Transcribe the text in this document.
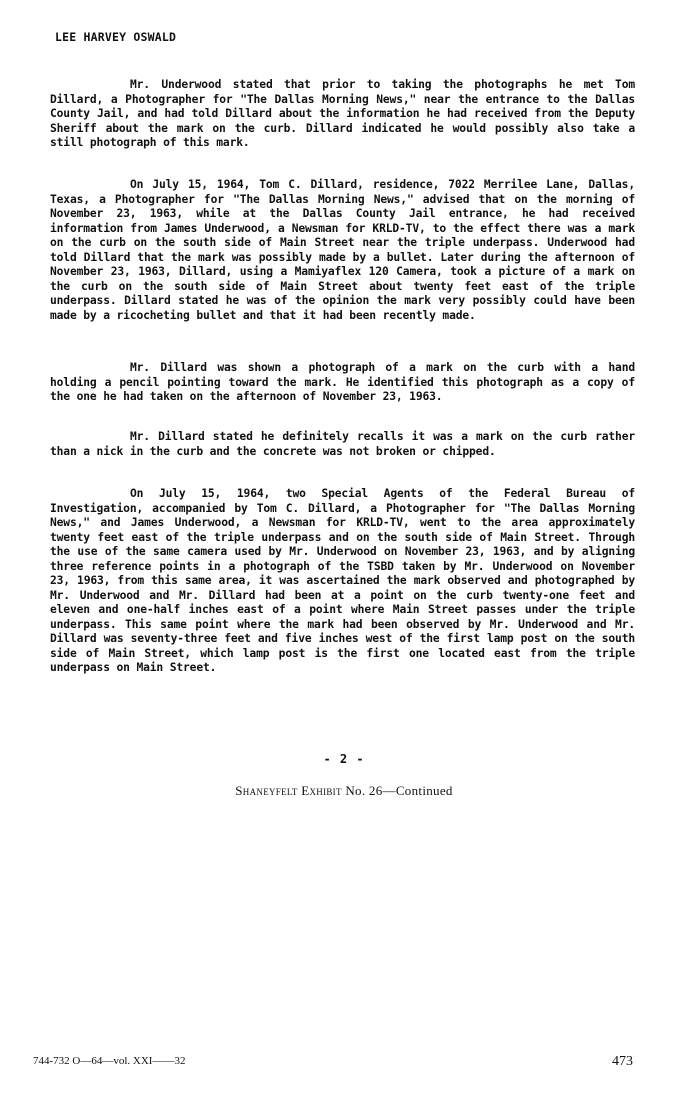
LEE HARVEY OSWALD

Mr. Underwood stated that prior to taking the photographs he met Tom Dillard, a Photographer for "The Dallas Morning News," near the entrance to the Dallas County Jail, and had told Dillard about the information he had received from the Deputy Sheriff about the mark on the curb. Dillard indicated he would possibly also take a still photograph of this mark.

On July 15, 1964, Tom C. Dillard, residence, 7022 Merrilee Lane, Dallas, Texas, a Photographer for "The Dallas Morning News," advised that on the morning of November 23, 1963, while at the Dallas County Jail entrance, he had received information from James Underwood, a Newsman for KRLD-TV, to the effect there was a mark on the curb on the south side of Main Street near the triple underpass. Underwood had told Dillard that the mark was possibly made by a bullet. Later during the afternoon of November 23, 1963, Dillard, using a Mamiyaflex 120 Camera, took a picture of a mark on the curb on the south side of Main Street about twenty feet east of the triple underpass. Dillard stated he was of the opinion the mark very possibly could have been made by a ricocheting bullet and that it had been recently made.

Mr. Dillard was shown a photograph of a mark on the curb with a hand holding a pencil pointing toward the mark. He identified this photograph as a copy of the one he had taken on the afternoon of November 23, 1963.

Mr. Dillard stated he definitely recalls it was a mark on the curb rather than a nick in the curb and the concrete was not broken or chipped.

On July 15, 1964, two Special Agents of the Federal Bureau of Investigation, accompanied by Tom C. Dillard, a Photographer for "The Dallas Morning News," and James Underwood, a Newsman for KRLD-TV, went to the area approximately twenty feet east of the triple underpass and on the south side of Main Street. Through the use of the same camera used by Mr. Underwood on November 23, 1963, and by aligning three reference points in a photograph of the TSBD taken by Mr. Underwood on November 23, 1963, from this same area, it was ascertained the mark observed and photographed by Mr. Underwood and Mr. Dillard had been at a point on the curb twenty-one feet and eleven and one-half inches east of a point where Main Street passes under the triple underpass. This same point where the mark had been observed by Mr. Underwood and Mr. Dillard was seventy-three feet and five inches west of the first lamp post on the south side of Main Street, which lamp post is the first one located east from the triple underpass on Main Street.

- 2 -
Shaneyfelt Exhibit No. 26—Continued
744-732 O—64—vol. XXI——32	473
